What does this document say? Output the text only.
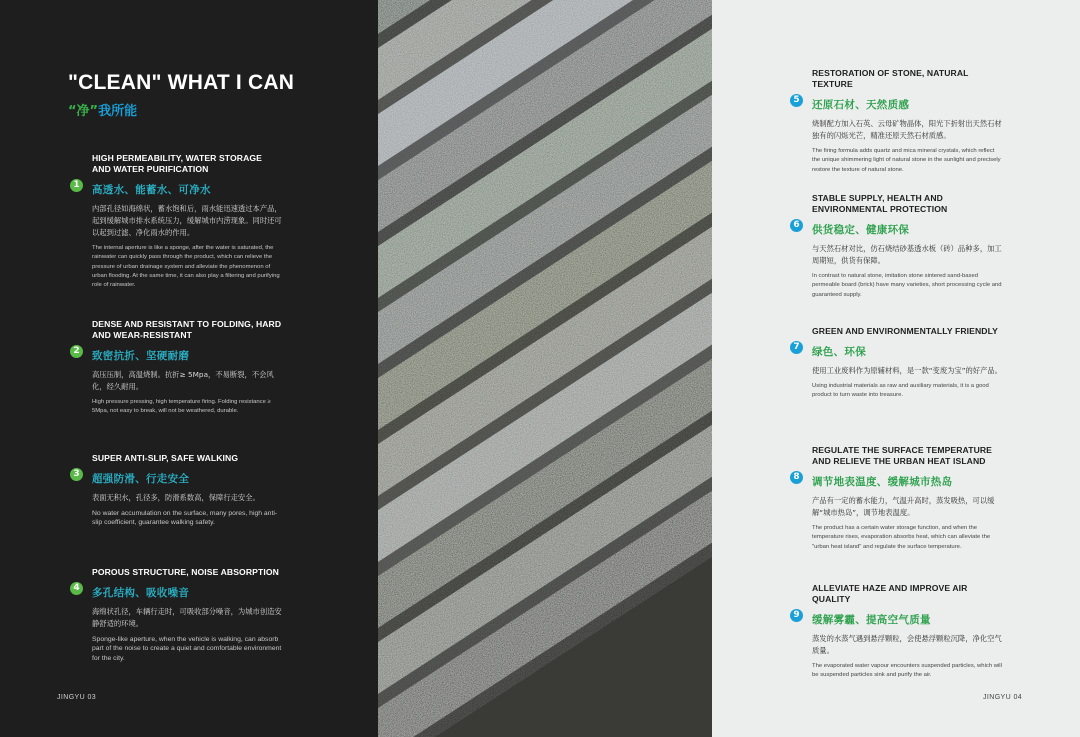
"CLEAN" WHAT I CAN
“净”我所能
HIGH PERMEABILITY, WATER STORAGE AND WATER PURIFICATION
1	高透水、能蓄水、可净水
内部孔径如海绵状，蓄水饱和后，雨水能迅速透过本产品，起到缓解城市排水系统压力，缓解城市内涝现象。同时还可以起到过滤、净化雨水的作用。
The internal aperture is like a sponge, after the water is saturated, the rainwater can quickly pass through the product, which can relieve the pressure of urban drainage system and alleviate the phenomenon of urban flooding. At the same time, it can also play a filtering and purifying role of rainwater.
DENSE AND RESISTANT TO FOLDING, HARD AND WEAR-RESISTANT
2	致密抗折、坚硬耐磨
高压压制，高温烧制。抗折≥ 5Mpa，不易断裂，不会风化，经久耐用。
High pressure pressing, high temperature firing. Folding resistance ≥ 5Mpa, not easy to break, will not be weathered, durable.
SUPER ANTI-SLIP, SAFE WALKING
3	超强防滑、行走安全
表面无积水，孔径多，防滑系数高，保障行走安全。
No water accumulation on the surface, many pores, high anti-slip coefficient, guarantee walking safety.
POROUS STRUCTURE, NOISE ABSORPTION
4	多孔结构、吸收噪音
海绵状孔径，车辆行走时，可吸收部分噪音，为城市创造安静舒适的环境。
Sponge-like aperture, when the vehicle is walking, can absorb part of the noise to create a quiet and comfortable environment for the city.
JINGYU 03
RESTORATION OF STONE, NATURAL TEXTURE
5	还原石材、天然质感
烧制配方加入石英、云母矿物晶体，阳光下折射出天然石材独有的闪烁光芒，精准还原天然石材质感。
The firing formula adds quartz and mica mineral crystals, which reflect the unique shimmering light of natural stone in the sunlight and precisely restore the texture of natural stone.
STABLE SUPPLY, HEALTH AND ENVIRONMENTAL PROTECTION
6	供货稳定、健康环保
与天然石材对比，仿石烧结砂基透水板（砖）品种多，加工周期短，供货有保障。
In contrast to natural stone, imitation stone sintered sand-based permeable board (brick) have many varieties, short processing cycle and guaranteed supply.
GREEN AND ENVIRONMENTALLY FRIENDLY
7	绿色、环保
使用工业废料作为原辅材料，是一款“变废为宝”的好产品。
Using industrial materials as raw and auxiliary materials, it is a good product to turn waste into treasure.
REGULATE THE SURFACE TEMPERATURE AND RELIEVE THE URBAN HEAT ISLAND
8	调节地表温度、缓解城市热岛
产品有一定的蓄水能力，气温升高时，蒸发吸热，可以缓解“城市热岛”，调节地表温度。
The product has a certain water storage function, and when the temperature rises, evaporation absorbs heat, which can alleviate the "urban heat island" and regulate the surface temperature.
ALLEVIATE HAZE AND IMPROVE AIR QUALITY
9	缓解雾霾、提高空气质量
蒸发的水蒸气遇到悬浮颗粒，会使悬浮颗粒沉降，净化空气质量。
The evaporated water vapour encounters suspended particles, which will be suspended particles sink and purify the air.
JINGYU 04
